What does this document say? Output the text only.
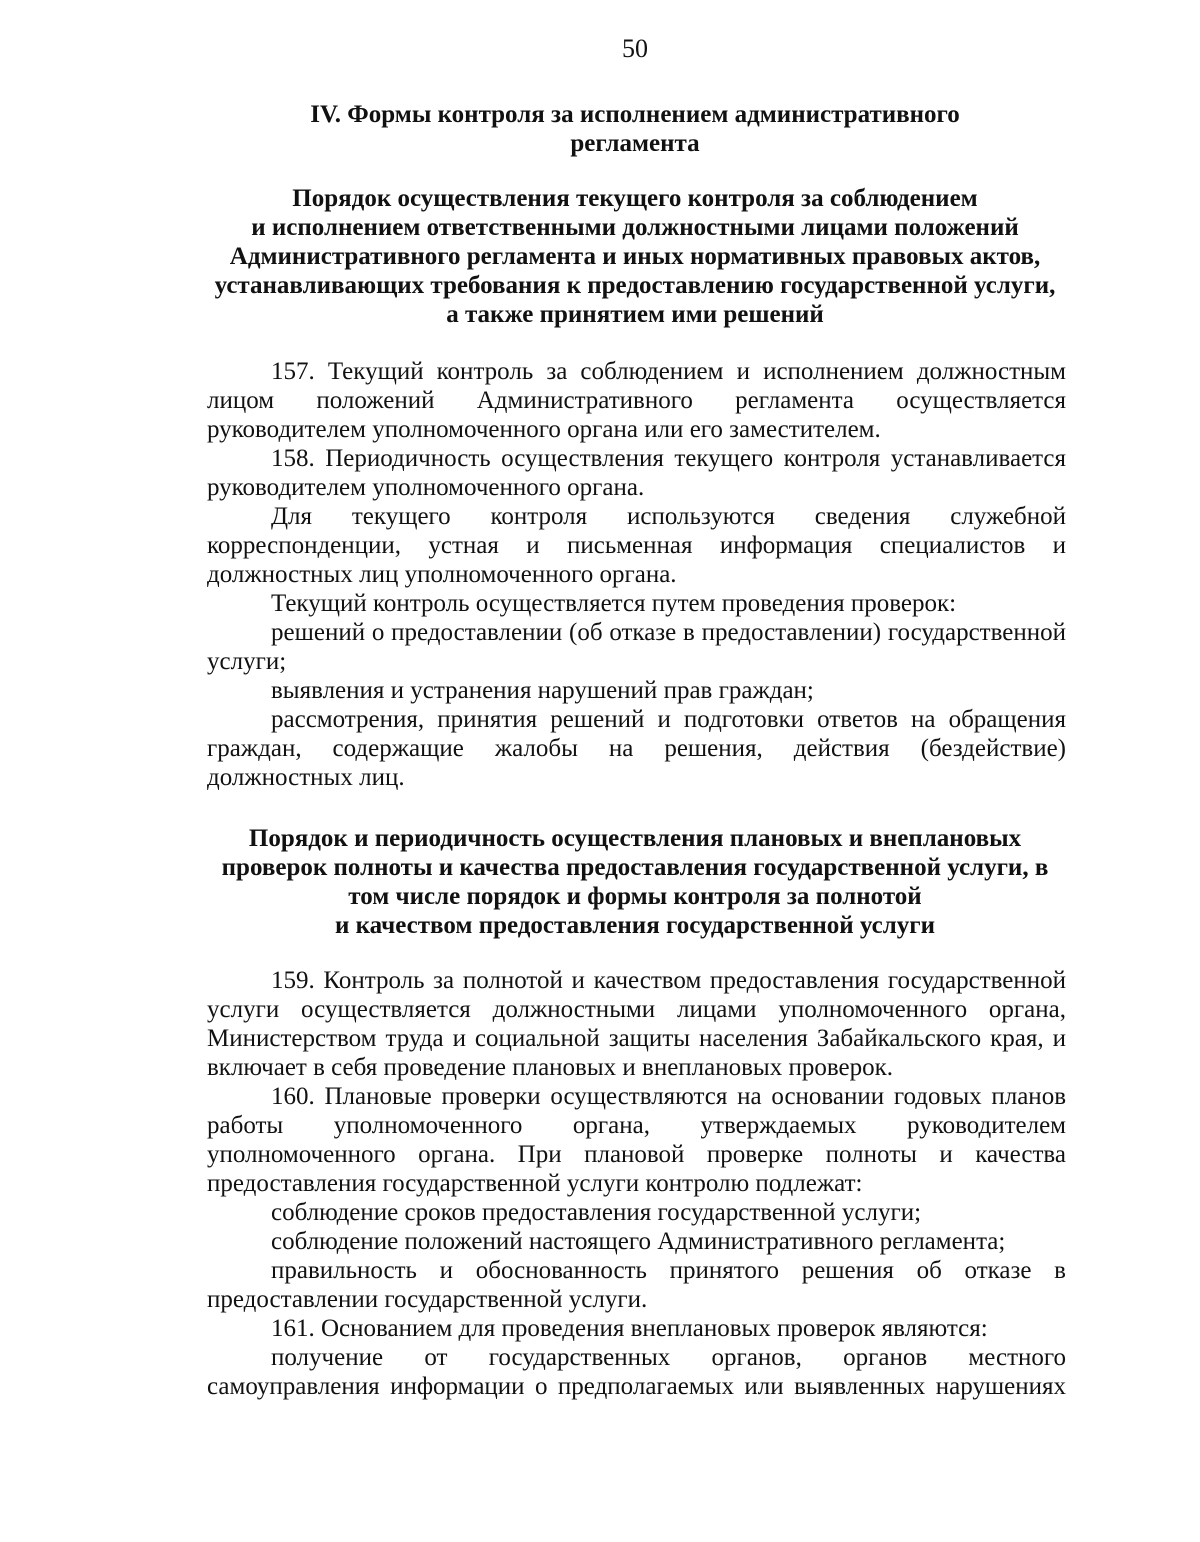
50
IV. Формы контроля за исполнением административного
регламента
Порядок осуществления текущего контроля за соблюдением
и исполнением ответственными должностными лицами положений
Административного регламента и иных нормативных правовых актов,
устанавливающих требования к предоставлению государственной услуги,
а также принятием ими решений

157. Текущий контроль за соблюдением и исполнением должностным лицом положений Административного регламента осуществляется руководителем уполномоченного органа или его заместителем.

158. Периодичность осуществления текущего контроля устанавливается руководителем уполномоченного органа.

Для текущего контроля используются сведения служебной корреспонденции, устная и письменная информация специалистов и должностных лиц уполномоченного органа.

Текущий контроль осуществляется путем проведения проверок:

решений о предоставлении (об отказе в предоставлении) государственной услуги;

выявления и устранения нарушений прав граждан;

рассмотрения, принятия решений и подготовки ответов на обращения граждан, содержащие жалобы на решения, действия (бездействие) должностных лиц.

Порядок и периодичность осуществления плановых и внеплановых
проверок полноты и качества предоставления государственной услуги, в
том числе порядок и формы контроля за полнотой
и качеством предоставления государственной услуги

159. Контроль за полнотой и качеством предоставления государственной услуги осуществляется должностными лицами уполномоченного органа, Министерством труда и социальной защиты населения Забайкальского края, и включает в себя проведение плановых и внеплановых проверок.

160. Плановые проверки осуществляются на основании годовых планов работы уполномоченного органа, утверждаемых руководителем уполномоченного органа. При плановой проверке полноты и качества предоставления государственной услуги контролю подлежат:

соблюдение сроков предоставления государственной услуги;

соблюдение положений настоящего Административного регламента;

правильность и обоснованность принятого решения об отказе в предоставлении государственной услуги.

161. Основанием для проведения внеплановых проверок являются:

получение от государственных органов, органов местного самоуправления информации о предполагаемых или выявленных нарушениях
